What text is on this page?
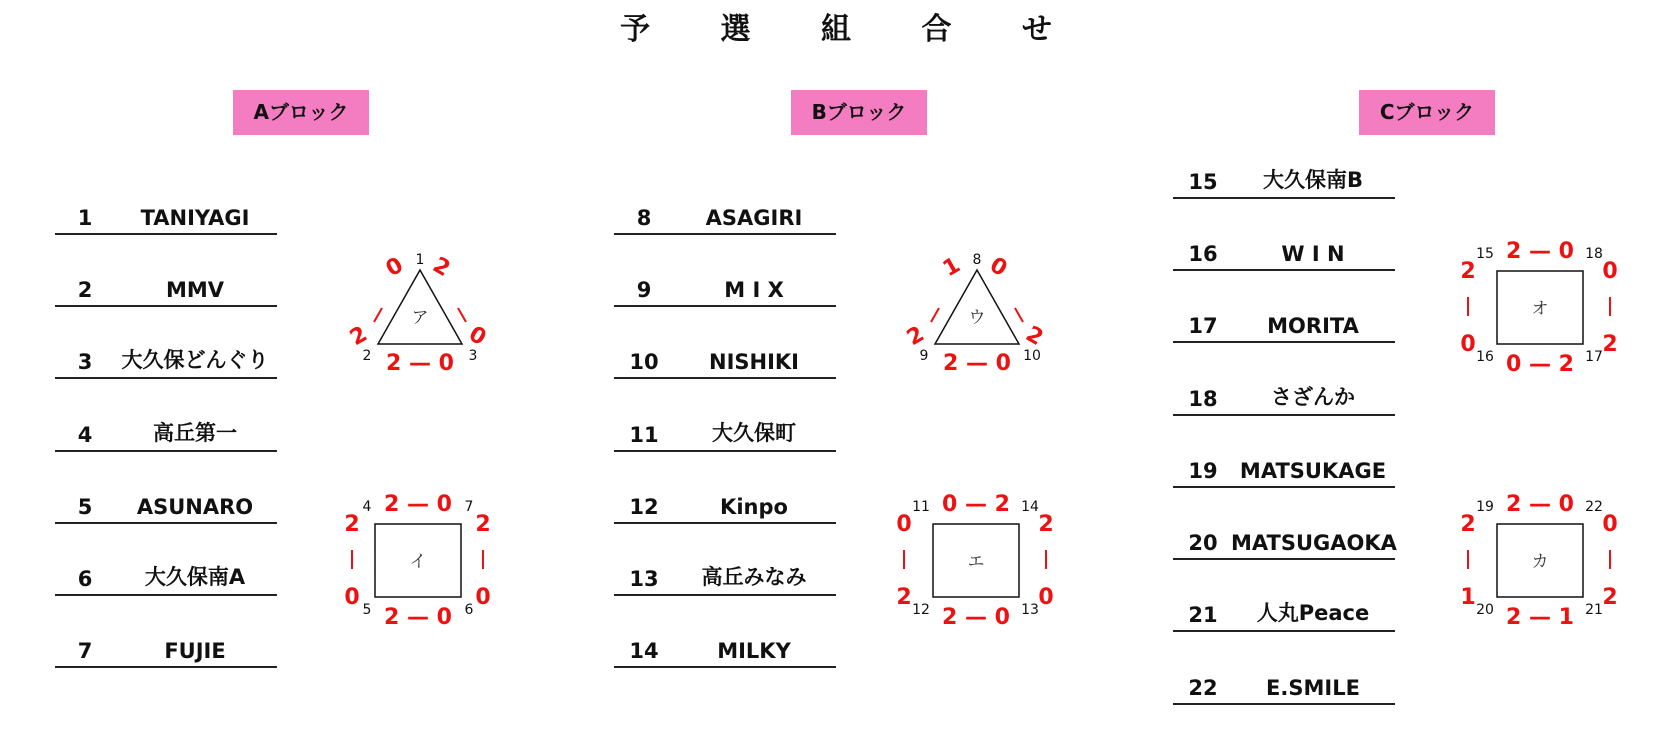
予 選 組 合 せ
Aブロック	Bブロック	Cブロック
1	TANIYAGI
2	MMV
3	大久保どんぐり
4	高丘第一
5	ASUNARO
6	大久保南A
7	FUJIE
8	ASAGIRI
9	M I X
10	NISHIKI
11	大久保町
12	Kinpo
13	高丘みなみ
14	MILKY
15	大久保南B
16	W I N
17	MORITA
18	さざんか
19	MATSUKAGE
20 MATSUGAOKA
21	人丸Peace
22	E.SMILE
ア
1
2	3
0 2
2	0
2 — 0
ウ
8
9	10
1 0
2	2
2 — 0
イ
4	7
5	6
2 — 0
2 — 0
2
0
2
0
エ
11	14
12	13
0 — 2
2 — 0
0
2
2
0
オ
15	18
16	17
2 — 0
0 — 2
2
0
0
2
カ
19	22
20	21
2 — 0
2 — 1
2
1
0
2
